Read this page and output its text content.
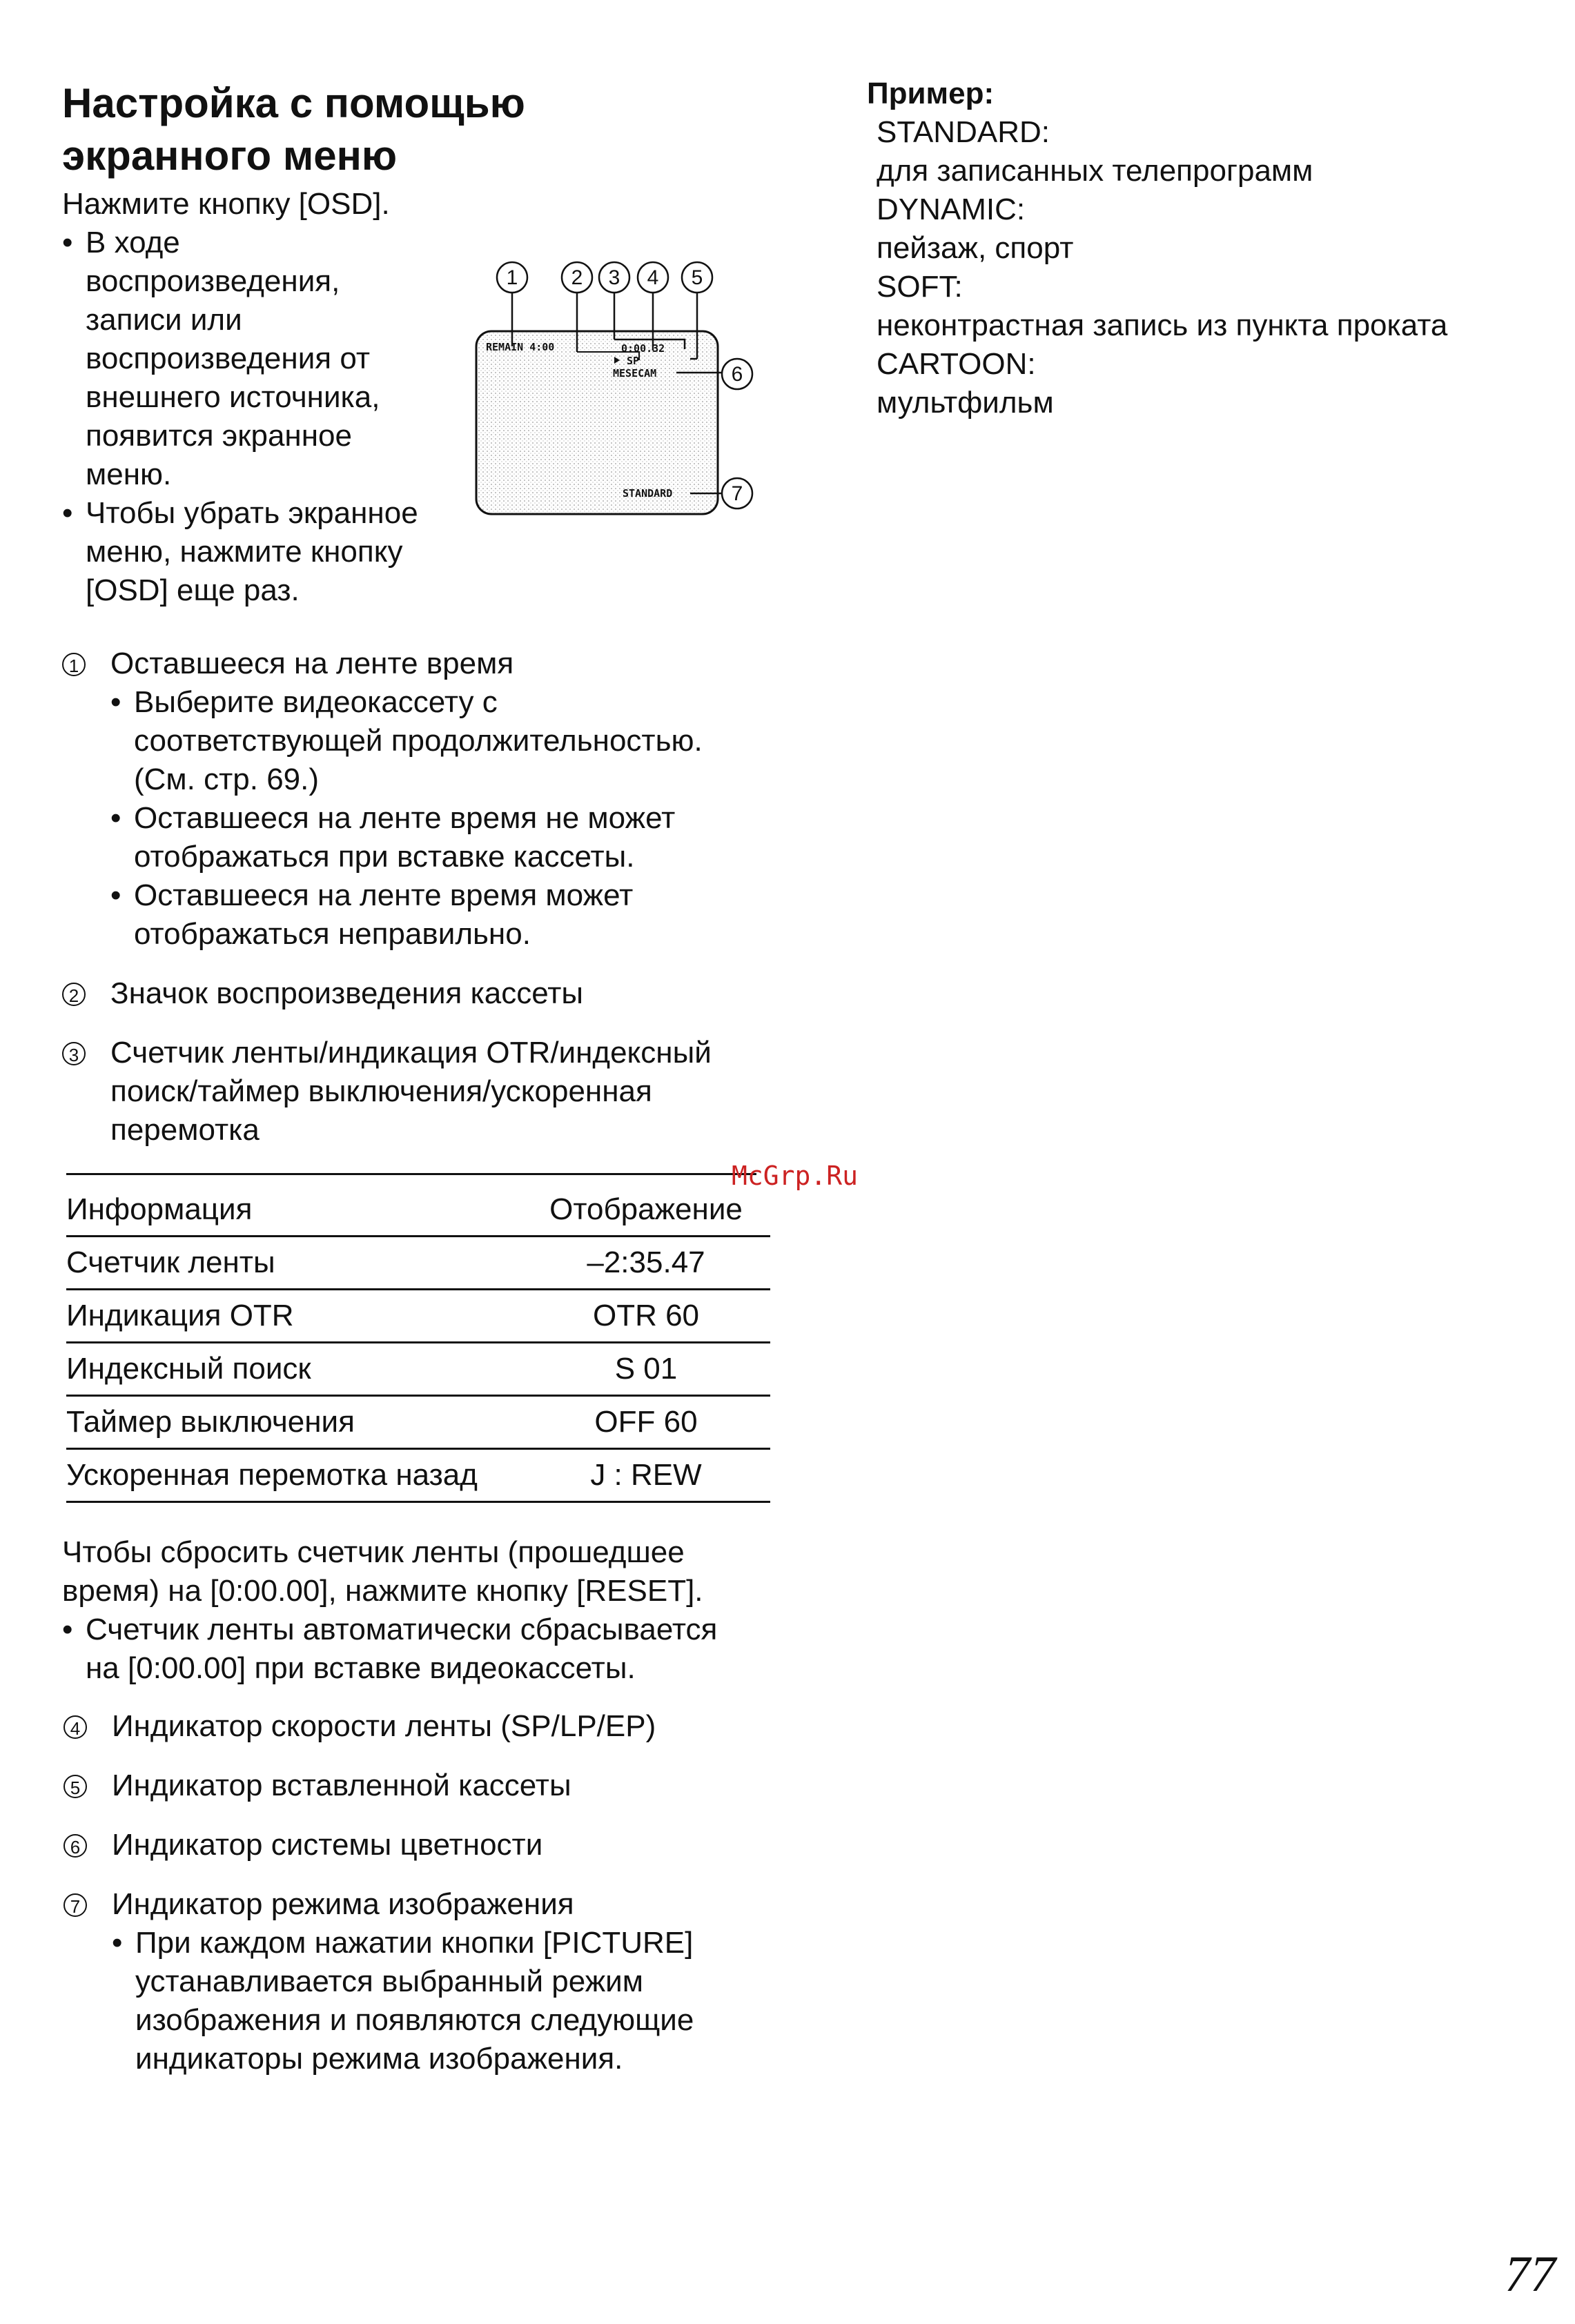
Настройка с помощью
экранного меню

Нажмите кнопку [OSD].

• В ходе
воспроизведения,
записи или
воспроизведения от
внешнего источника,
появится экранное
меню.
• Чтобы убрать экранное
меню, нажмите кнопку
[OSD] еще раз.
1	2 3 4 5
6
7
REMAIN 4:00	0:00.32
SP
MESECAM
STANDARD
1 Оставшееся на ленте время

• Выберите видеокассету с
соответствующей продолжительностью.
(См. стр. 69.)
• Оставшееся на ленте время не может
отображаться при вставке кассеты.
• Оставшееся на ленте время может
отображаться неправильно.
2 Значок воспроизведения кассеты

3 Счетчик ленты/индикация OTR/индексный
поиск/таймер выключения/ускоренная
перемотка
McGrp.Ru
Информация	Отображение
Счетчик ленты	–2:35.47
Индикация OTR	OTR 60
Индексный поиск	S 01
Таймер выключения	OFF 60
Ускоренная перемотка назад	J : REW
Чтобы сбросить счетчик ленты (прошедшее
время) на [0:00.00], нажмите кнопку [RESET].
• Счетчик ленты автоматически сбрасывается
на [0:00.00] при вставке видеокассеты.
4 Индикатор скорости ленты (SP/LP/EP)

5 Индикатор вставленной кассеты

6 Индикатор системы цветности

7 Индикатор режима изображения

• При каждом нажатии кнопки [PICTURE]
устанавливается выбранный режим
изображения и появляются следующие
индикаторы режима изображения.
Пример:
STANDARD:
для записанных телепрограмм
DYNAMIC:
пейзаж, спорт
SOFT:
неконтрастная запись из пункта проката
CARTOON:
мультфильм
77
